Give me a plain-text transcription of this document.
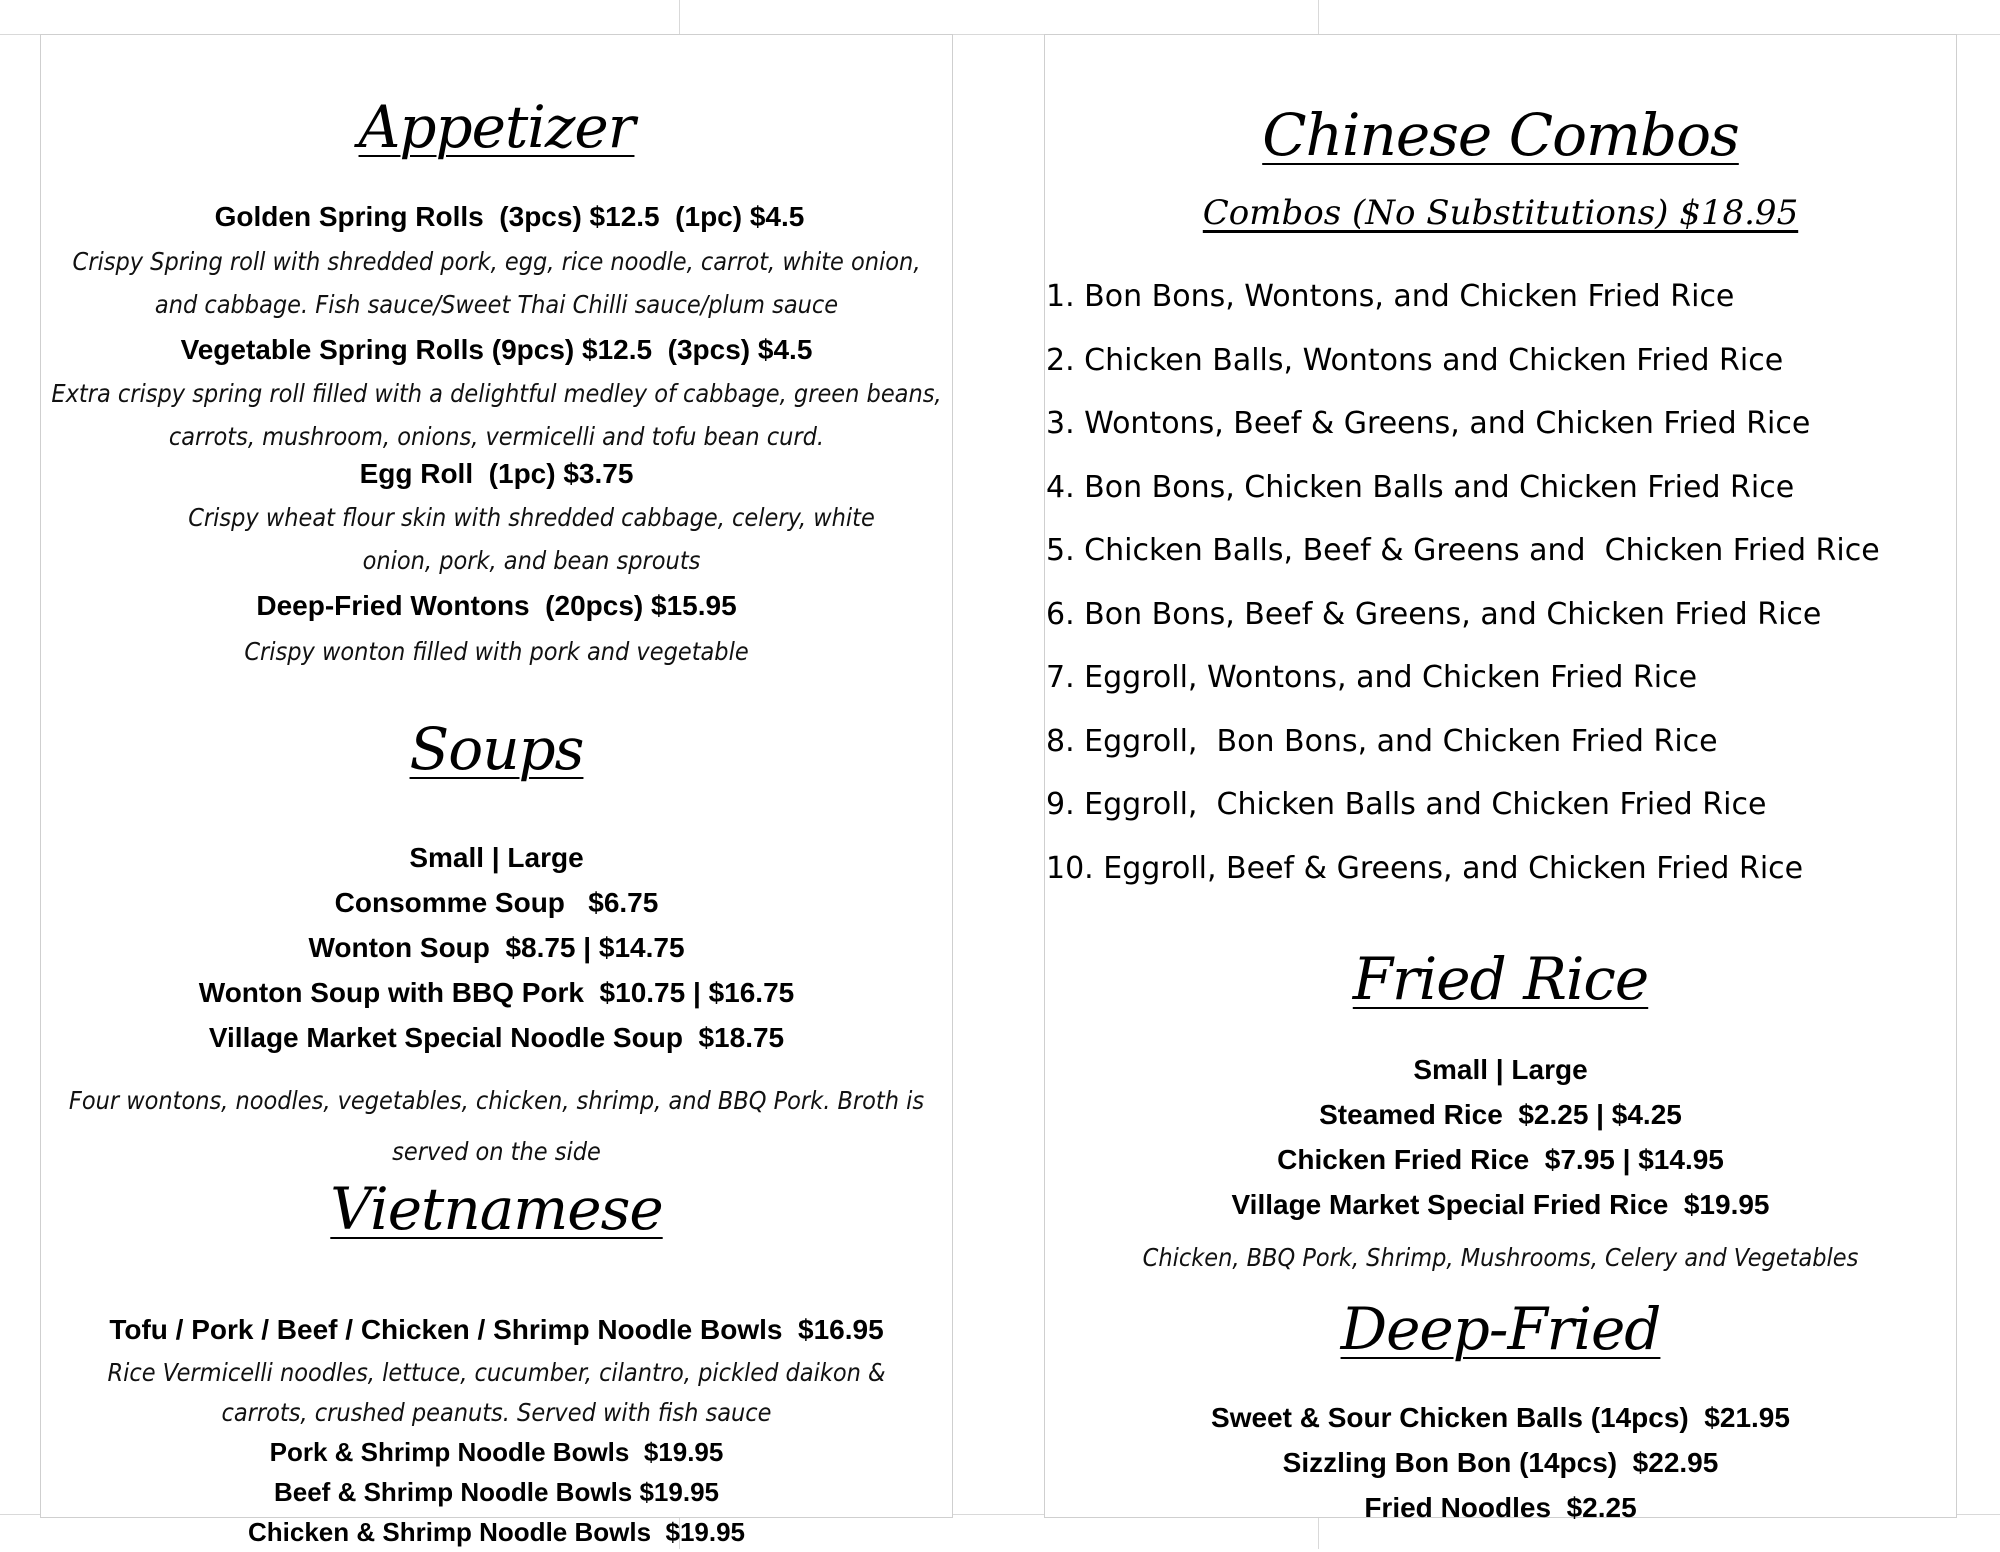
Appetizer

Golden Spring Rolls  (3pcs) $12.5  (1pc) $4.5

Crispy Spring roll with shredded pork, egg, rice noodle, carrot, white onion, and cabbage. Fish sauce/Sweet Thai Chilli sauce/plum sauce

Vegetable Spring Rolls (9pcs) $12.5  (3pcs) $4.5

Extra crispy spring roll filled with a delightful medley of cabbage, green beans, carrots, mushroom, onions, vermicelli and tofu bean curd.

Egg Roll  (1pc) $3.75

Crispy wheat flour skin with shredded cabbage, celery, white onion, pork, and bean sprouts

Deep-Fried Wontons  (20pcs) $15.95

Crispy wonton filled with pork and vegetable

Soups

Small | Large

Consomme Soup   $6.75

Wonton Soup  $8.75 | $14.75

Wonton Soup with BBQ Pork  $10.75 | $16.75

Village Market Special Noodle Soup  $18.75

Four wontons, noodles, vegetables, chicken, shrimp, and BBQ Pork. Broth is served on the side

Vietnamese

Tofu / Pork / Beef / Chicken / Shrimp Noodle Bowls  $16.95

Rice Vermicelli noodles, lettuce, cucumber, cilantro, pickled daikon & carrots, crushed peanuts. Served with fish sauce

Pork & Shrimp Noodle Bowls  $19.95

Beef & Shrimp Noodle Bowls $19.95

Chicken & Shrimp Noodle Bowls  $19.95

Chinese Combos
Combos (No Substitutions) $18.95

1. Bon Bons, Wontons, and Chicken Fried Rice

2. Chicken Balls, Wontons and Chicken Fried Rice

3. Wontons, Beef & Greens, and Chicken Fried Rice

4. Bon Bons, Chicken Balls and Chicken Fried Rice

5. Chicken Balls, Beef & Greens and  Chicken Fried Rice

6. Bon Bons, Beef & Greens, and Chicken Fried Rice

7. Eggroll, Wontons, and Chicken Fried Rice

8. Eggroll,  Bon Bons, and Chicken Fried Rice

9. Eggroll,  Chicken Balls and Chicken Fried Rice

10. Eggroll, Beef & Greens, and Chicken Fried Rice

Fried Rice

Small | Large

Steamed Rice  $2.25 | $4.25

Chicken Fried Rice  $7.95 | $14.95

Village Market Special Fried Rice  $19.95

Chicken, BBQ Pork, Shrimp, Mushrooms, Celery and Vegetables

Deep-Fried

Sweet & Sour Chicken Balls (14pcs)  $21.95

Sizzling Bon Bon (14pcs)  $22.95

Fried Noodles  $2.25
